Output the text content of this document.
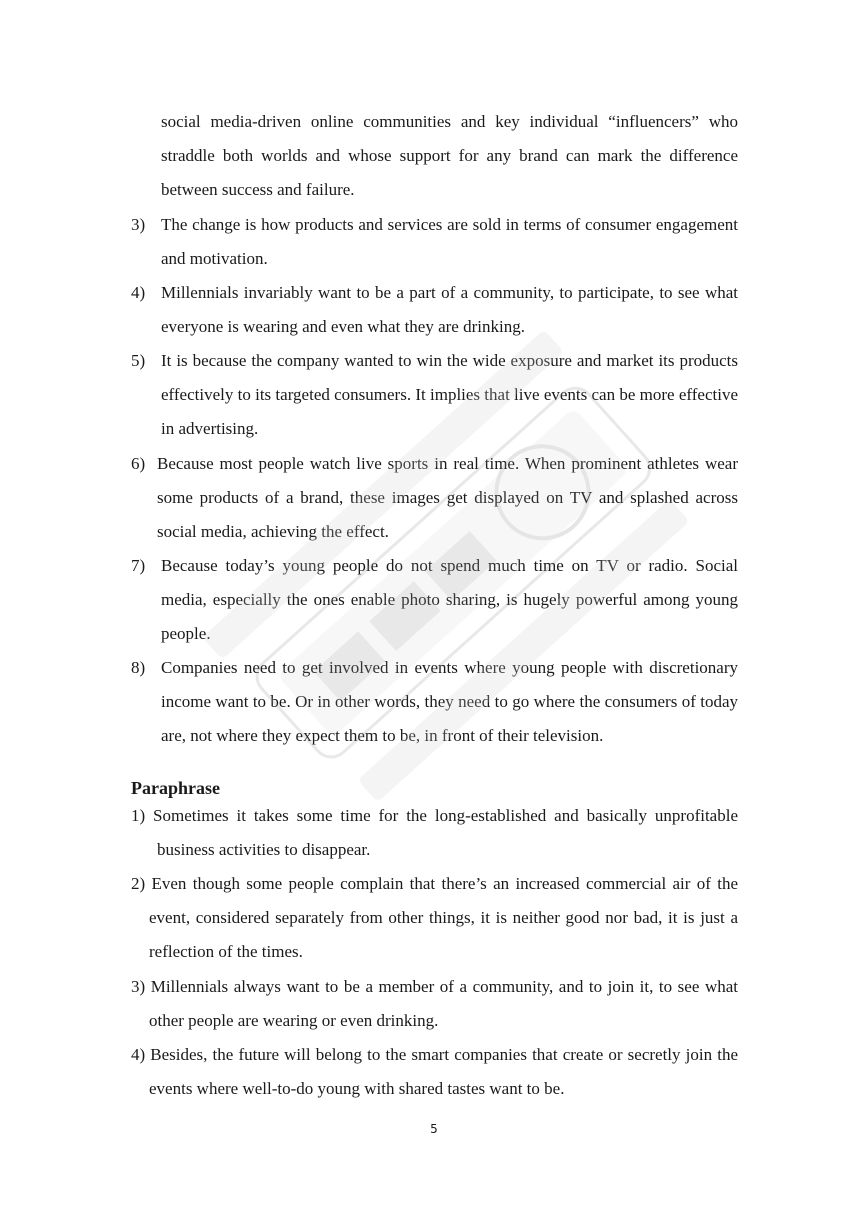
social media-driven online communities and key individual “influencers” who straddle both worlds and whose support for any brand can mark the difference between success and failure.
3) The change is how products and services are sold in terms of consumer engagement and motivation.
4) Millennials invariably want to be a part of a community, to participate, to see what everyone is wearing and even what they are drinking.
5) It is because the company wanted to win the wide exposure and market its products effectively to its targeted consumers. It implies that live events can be more effective in advertising.
6) Because most people watch live sports in real time. When prominent athletes wear some products of a brand, these images get displayed on TV and splashed across social media, achieving the effect.
7) Because today’s young people do not spend much time on TV or radio. Social media, especially the ones enable photo sharing, is hugely powerful among young people.
8) Companies need to get involved in events where young people with discretionary income want to be. Or in other words, they need to go where the consumers of today are, not where they expect them to be, in front of their television.
Paraphrase
1) Sometimes it takes some time for the long-established and basically unprofitable business activities to disappear.
2) Even though some people complain that there’s an increased commercial air of the event, considered separately from other things, it is neither good nor bad, it is just a reflection of the times.
3) Millennials always want to be a member of a community, and to join it, to see what other people are wearing or even drinking.
4) Besides, the future will belong to the smart companies that create or secretly join the events where well-to-do young with shared tastes want to be.
5
